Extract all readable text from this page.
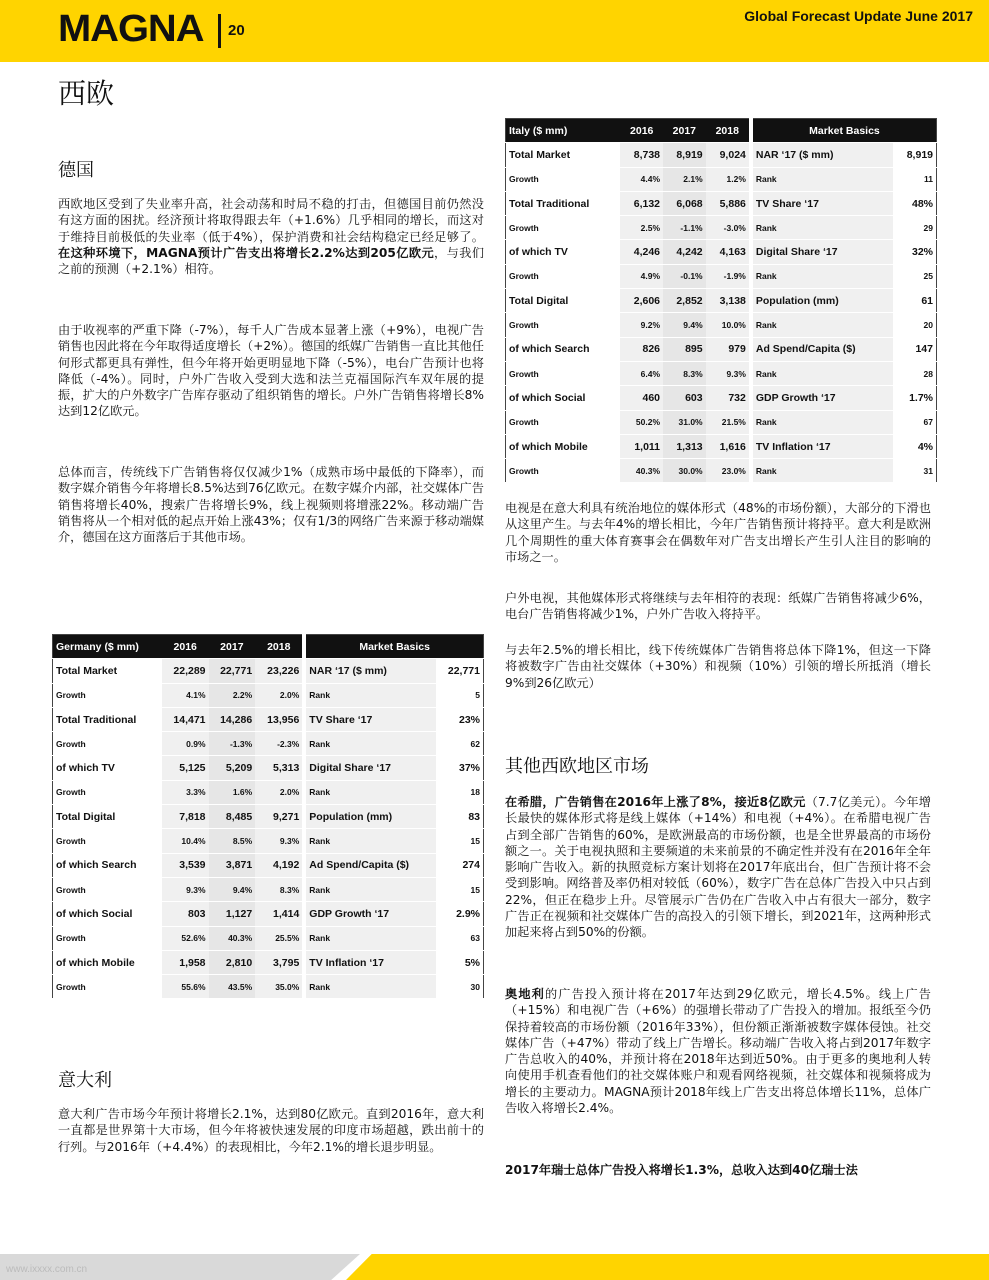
MAGNA 20
Global Forecast Update June 2017
西欧
德国

西欧地区受到了失业率升高，社会动荡和时局不稳的打击，但德国目前仍然没有这方面的困扰。经济预计将取得跟去年（+1.6%）几乎相同的增长，而这对于维持目前极低的失业率（低于4%），保护消费和社会结构稳定已经足够了。在这种环境下，MAGNA预计广告支出将增长2.2%达到205亿欧元，与我们之前的预测（+2.1%）相符。

由于收视率的严重下降（-7%），每千人广告成本显著上涨（+9%），电视广告销售也因此将在今年取得适度增长（+2%）。德国的纸媒广告销售一直比其他任何形式都更具有弹性，但今年将开始更明显地下降（-5%），电台广告预计也将降低（-4%）。同时，户外广告收入受到大选和法兰克福国际汽车双年展的提振，扩大的户外数字广告库存驱动了组织销售的增长。户外广告销售将增长8%达到12亿欧元。

总体而言，传统线下广告销售将仅仅减少1%（成熟市场中最低的下降率），而数字媒介销售今年将增长8.5%达到76亿欧元。在数字媒介内部，社交媒体广告销售将增长40%，搜索广告将增长9%，线上视频则将增涨22%。移动端广告销售将从一个相对低的起点开始上涨43%；仅有1/3的网络广告来源于移动端媒介，德国在这方面落后于其他市场。

Germany ($ mm)	2016	2017	2018	Market Basics	
Total Market	22,289	22,771	23,226	NAR ‘17 ($ mm)	22,771
Growth	4.1%	2.2%	2.0%	Rank	5
Total Traditional	14,471	14,286	13,956	TV Share ‘17	23%
Growth	0.9%	-1.3%	-2.3%	Rank	62
of which TV	5,125	5,209	5,313	Digital Share ‘17	37%
Growth	3.3%	1.6%	2.0%	Rank	18
Total Digital	7,818	8,485	9,271	Population (mm)	83
Growth	10.4%	8.5%	9.3%	Rank	15
of which Search	3,539	3,871	4,192	Ad Spend/Capita ($)	274
Growth	9.3%	9.4%	8.3%	Rank	15
of which Social	803	1,127	1,414	GDP Growth ‘17	2.9%
Growth	52.6%	40.3%	25.5%	Rank	63
of which Mobile	1,958	2,810	3,795	TV Inflation ‘17	5%
Growth	55.6%	43.5%	35.0%	Rank	30
意大利

意大利广告市场今年预计将增长2.1%，达到80亿欧元。直到2016年，意大利一直都是世界第十大市场，但今年将被快速发展的印度市场超越，跌出前十的行列。与2016年（+4.4%）的表现相比，今年2.1%的增长退步明显。

Italy ($ mm)	2016	2017	2018	Market Basics	
Total Market	8,738	8,919	9,024	NAR ‘17 ($ mm)	8,919
Growth	4.4%	2.1%	1.2%	Rank	11
Total Traditional	6,132	6,068	5,886	TV Share ‘17	48%
Growth	2.5%	-1.1%	-3.0%	Rank	29
of which TV	4,246	4,242	4,163	Digital Share ‘17	32%
Growth	4.9%	-0.1%	-1.9%	Rank	25
Total Digital	2,606	2,852	3,138	Population (mm)	61
Growth	9.2%	9.4%	10.0%	Rank	20
of which Search	826	895	979	Ad Spend/Capita ($)	147
Growth	6.4%	8.3%	9.3%	Rank	28
of which Social	460	603	732	GDP Growth ‘17	1.7%
Growth	50.2%	31.0%	21.5%	Rank	67
of which Mobile	1,011	1,313	1,616	TV Inflation ‘17	4%
Growth	40.3%	30.0%	23.0%	Rank	31

电视是在意大利具有统治地位的媒体形式（48%的市场份额），大部分的下滑也从这里产生。与去年4%的增长相比，今年广告销售预计将持平。意大利是欧洲几个周期性的重大体育赛事会在偶数年对广告支出增长产生引人注目的影响的市场之一。

户外电视，其他媒体形式将继续与去年相符的表现：纸媒广告销售将减少6%，电台广告销售将减少1%，户外广告收入将持平。

与去年2.5%的增长相比，线下传统媒体广告销售将总体下降1%，但这一下降将被数字广告由社交媒体（+30%）和视频（10%）引领的增长所抵消（增长9%到26亿欧元）

其他西欧地区市场

在希腊，广告销售在2016年上涨了8%，接近8亿欧元（7.7亿美元）。今年增长最快的媒体形式将是线上媒体（+14%）和电视（+4%）。在希腊电视广告占到全部广告销售的60%，是欧洲最高的市场份额，也是全世界最高的市场份额之一。关于电视执照和主要频道的未来前景的不确定性并没有在2016年全年影响广告收入。新的执照竞标方案计划将在2017年底出台，但广告预计将不会受到影响。网络普及率仍相对较低（60%），数字广告在总体广告投入中只占到22%，但正在稳步上升。尽管展示广告仍在广告收入中占有很大一部分，数字广告正在视频和社交媒体广告的高投入的引领下增长，到2021年，这两种形式加起来将占到50%的份额。

奥地利的广告投入预计将在2017年达到29亿欧元，增长4.5%。线上广告（+15%）和电视广告（+6%）的强增长带动了广告投入的增加。报纸至今仍保持着较高的市场份额（2016年33%），但份额正渐渐被数字媒体侵蚀。社交媒体广告（+47%）带动了线上广告增长。移动端广告收入将占到2017年数字广告总收入的40%，并预计将在2018年达到近50%。由于更多的奥地利人转向使用手机查看他们的社交媒体账户和观看网络视频，社交媒体和视频将成为增长的主要动力。MAGNA预计2018年线上广告支出将总体增长11%，总体广告收入将增长2.4%。

2017年瑞士总体广告投入将增长1.3%，总收入达到40亿瑞士法

www.ixxxx.com.cn
